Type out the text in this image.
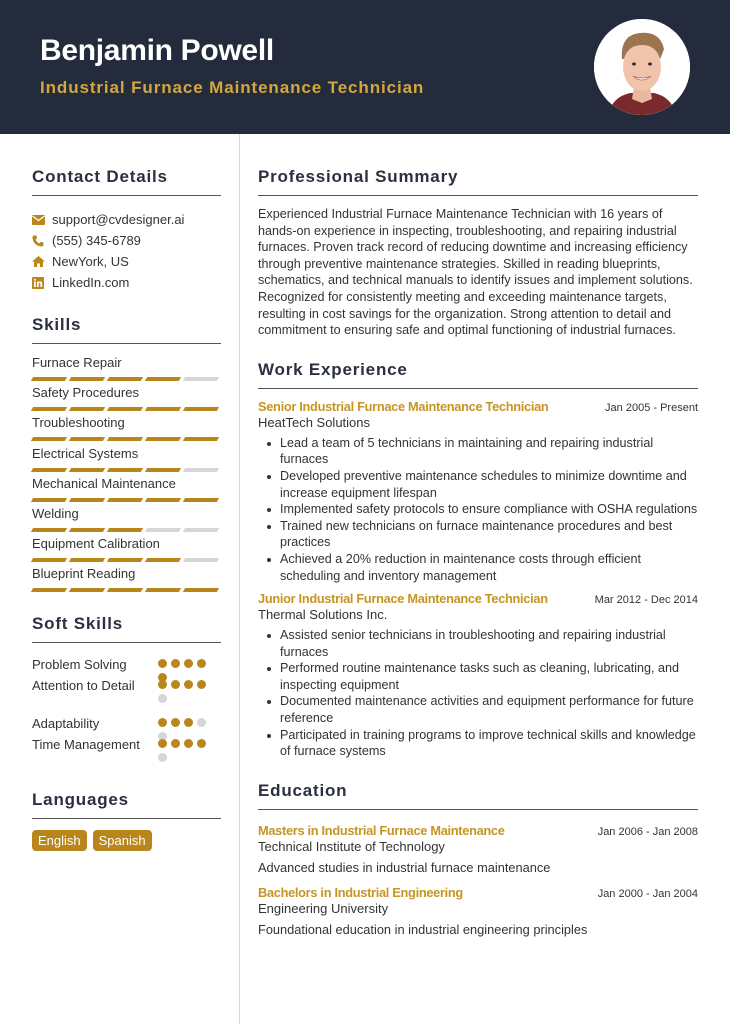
Benjamin Powell
Industrial Furnace Maintenance Technician
Contact Details
support@cvdesigner.ai
(555) 345-6789
NewYork, US
LinkedIn.com
Skills
Furnace Repair
Safety Procedures
Troubleshooting
Electrical Systems
Mechanical Maintenance
Welding
Equipment Calibration
Blueprint Reading
Soft Skills
Problem Solving
Attention to Detail
Adaptability
Time Management
Languages
English	Spanish
Professional Summary

Experienced Industrial Furnace Maintenance Technician with 16 years of hands-on experience in inspecting, troubleshooting, and repairing industrial furnaces. Proven track record of reducing downtime and increasing efficiency through preventive maintenance strategies. Skilled in reading blueprints, schematics, and technical manuals to identify issues and implement solutions. Recognized for consistently meeting and exceeding maintenance targets, resulting in cost savings for the organization. Strong attention to detail and commitment to ensuring safe and optimal functioning of industrial furnaces.

Work Experience
Senior Industrial Furnace Maintenance Technician	Jan 2005 - Present
HeatTech Solutions
Lead a team of 5 technicians in maintaining and repairing industrial furnaces
Developed preventive maintenance schedules to minimize downtime and increase equipment lifespan
Implemented safety protocols to ensure compliance with OSHA regulations
Trained new technicians on furnace maintenance procedures and best practices
Achieved a 20% reduction in maintenance costs through efficient scheduling and inventory management
Junior Industrial Furnace Maintenance Technician	Mar 2012 - Dec 2014
Thermal Solutions Inc.
Assisted senior technicians in troubleshooting and repairing industrial furnaces
Performed routine maintenance tasks such as cleaning, lubricating, and inspecting equipment
Documented maintenance activities and equipment performance for future reference
Participated in training programs to improve technical skills and knowledge of furnace systems
Education
Masters in Industrial Furnace Maintenance	Jan 2006 - Jan 2008
Technical Institute of Technology
Advanced studies in industrial furnace maintenance
Bachelors in Industrial Engineering	Jan 2000 - Jan 2004
Engineering University
Foundational education in industrial engineering principles
